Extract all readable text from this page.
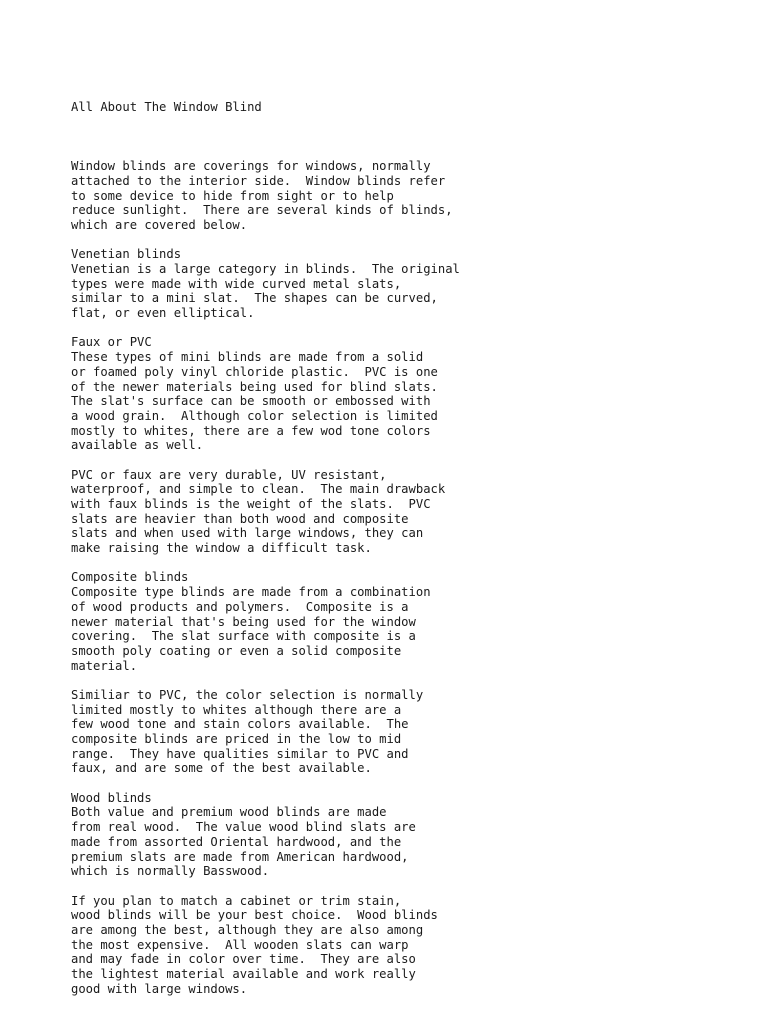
All About The Window Blind

Window blinds are coverings for windows, normally
attached to the interior side.  Window blinds refer
to some device to hide from sight or to help
reduce sunlight.  There are several kinds of blinds,
which are covered below.
Venetian blinds
Venetian is a large category in blinds.  The original
types were made with wide curved metal slats,
similar to a mini slat.  The shapes can be curved,
flat, or even elliptical.
Faux or PVC
These types of mini blinds are made from a solid
or foamed poly vinyl chloride plastic.  PVC is one
of the newer materials being used for blind slats.
The slat's surface can be smooth or embossed with
a wood grain.  Although color selection is limited
mostly to whites, there are a few wod tone colors
available as well.
PVC or faux are very durable, UV resistant,
waterproof, and simple to clean.  The main drawback
with faux blinds is the weight of the slats.  PVC
slats are heavier than both wood and composite
slats and when used with large windows, they can
make raising the window a difficult task.
Composite blinds
Composite type blinds are made from a combination
of wood products and polymers.  Composite is a
newer material that's being used for the window
covering.  The slat surface with composite is a
smooth poly coating or even a solid composite
material.
Similiar to PVC, the color selection is normally
limited mostly to whites although there are a
few wood tone and stain colors available.  The
composite blinds are priced in the low to mid
range.  They have qualities similar to PVC and
faux, and are some of the best available.
Wood blinds
Both value and premium wood blinds are made
from real wood.  The value wood blind slats are
made from assorted Oriental hardwood, and the
premium slats are made from American hardwood,
which is normally Basswood.
If you plan to match a cabinet or trim stain,
wood blinds will be your best choice.  Wood blinds
are among the best, although they are also among
the most expensive.  All wooden slats can warp
and may fade in color over time.  They are also
the lightest material available and work really
good with large windows.
